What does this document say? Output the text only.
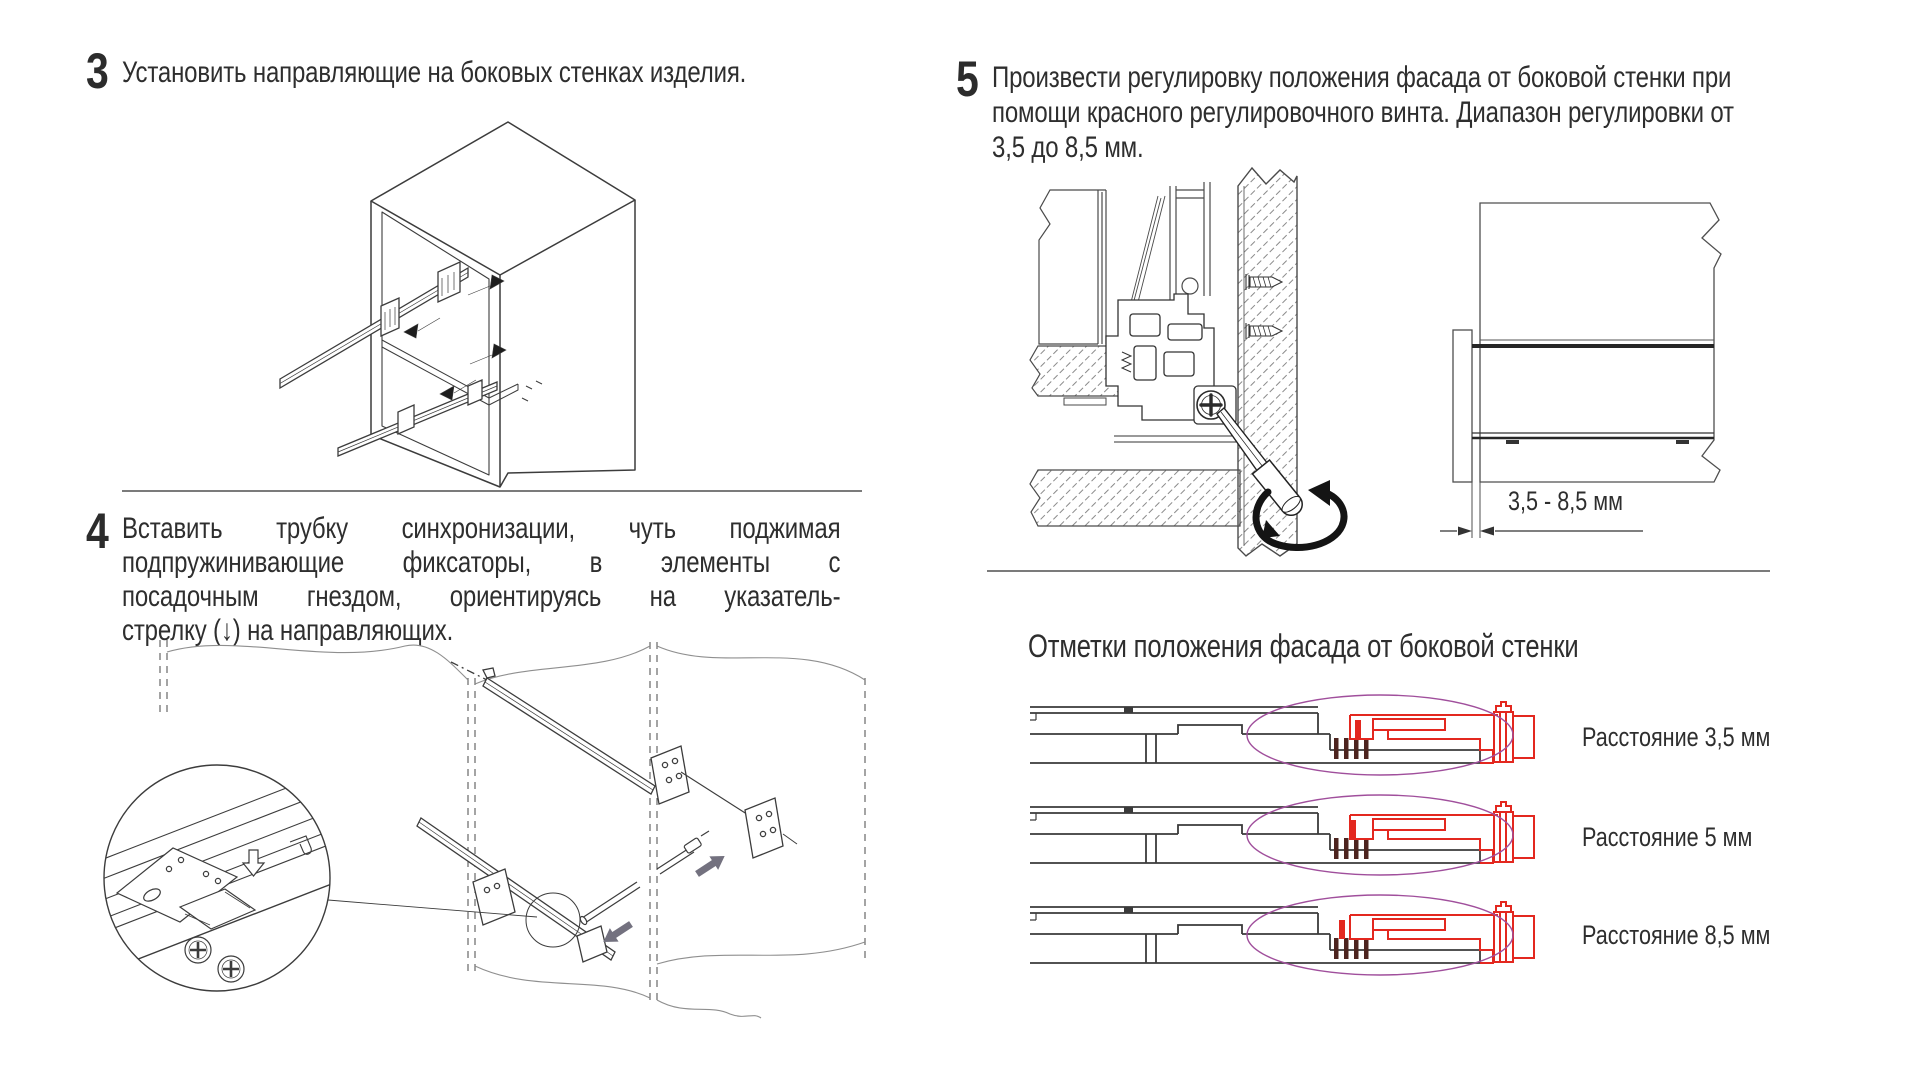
3 Установить направляющие на боковых стенках изделия.
4 Вставить трубку синхронизации, чуть поджимая
подпружинивающие фиксаторы, в элементы с
посадочным гнездом, ориентируясь на указатель-
стрелку (↓) на направляющих.
5 Произвести регулировку положения фасада от боковой стенки при
помощи красного регулировочного винта. Диапазон регулировки от
3,5 до 8,5 мм.
3,5 - 8,5 мм
Отметки положения фасада от боковой стенки
Расстояние 3,5 мм
Расстояние 5 мм
Расстояние 8,5 мм
